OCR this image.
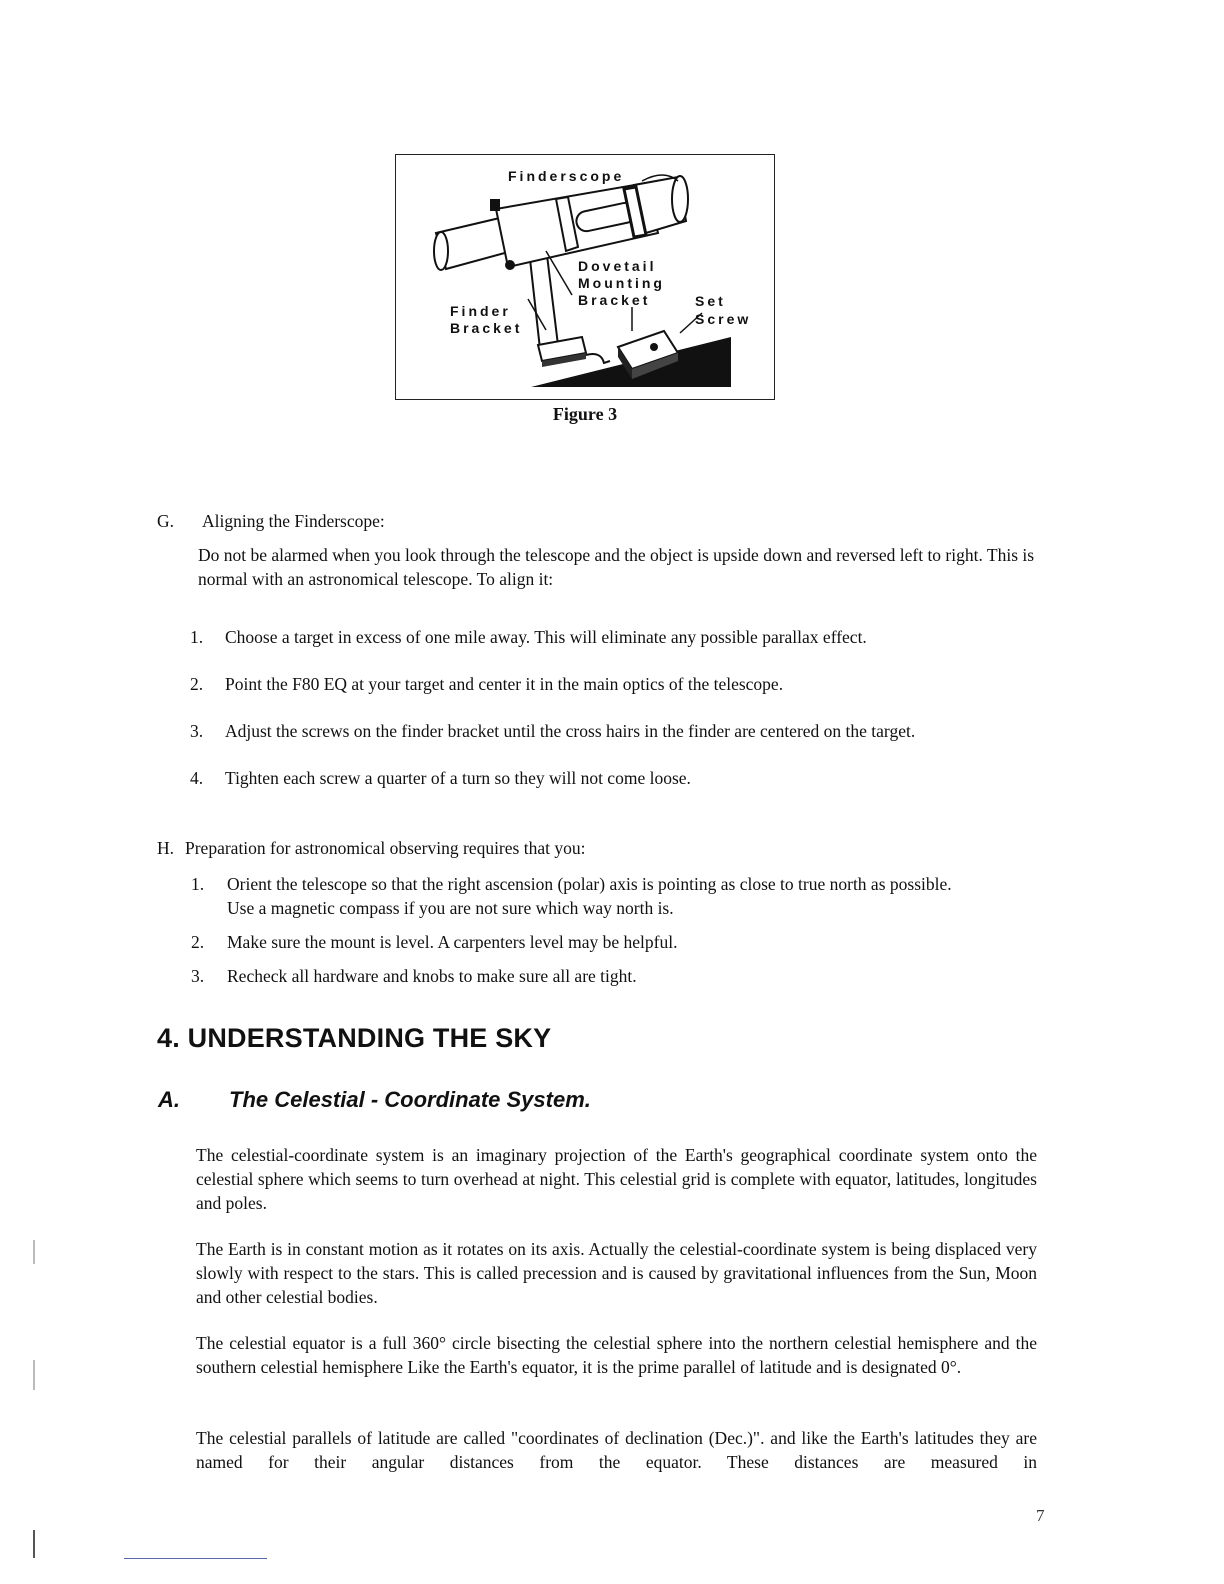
Finderscope
Dovetail
Mounting
Bracket	Set
Screw
Finder
Bracket
Figure 3
G. Aligning the Finderscope:
Do not be alarmed when you look through the telescope and the object is upside down and reversed left to right. This is normal with an astronomical telescope. To align it:
1. Choose a target in excess of one mile away. This will eliminate any possible parallax effect.
2. Point the F80 EQ at your target and center it in the main optics of the telescope.
3. Adjust the screws on the finder bracket until the cross hairs in the finder are centered on the target.
4. Tighten each screw a quarter of a turn so they will not come loose.
H. Preparation for astronomical observing requires that you:
1. Orient the telescope so that the right ascension (polar) axis is pointing as close to true north as possible. Use a magnetic compass if you are not sure which way north is.
2. Make sure the mount is level. A carpenters level may be helpful.
3. Recheck all hardware and knobs to make sure all are tight.
4. UNDERSTANDING THE SKY
A. The Celestial - Coordinate System.
The celestial-coordinate system is an imaginary projection of the Earth's geographical coordinate system onto the celestial sphere which seems to turn overhead at night. This celestial grid is complete with equator, latitudes, longitudes and poles.
The Earth is in constant motion as it rotates on its axis. Actually the celestial-coordinate system is being displaced very slowly with respect to the stars. This is called precession and is caused by gravitational influences from the Sun, Moon and other celestial bodies.
The celestial equator is a full 360° circle bisecting the celestial sphere into the northern celestial hemisphere and the southern celestial hemisphere Like the Earth's equator, it is the prime parallel of latitude and is designated 0°.
The celestial parallels of latitude are called "coordinates of declination (Dec.)". and like the Earth's latitudes they are named for their angular distances from the equator. These distances are measured in
7
